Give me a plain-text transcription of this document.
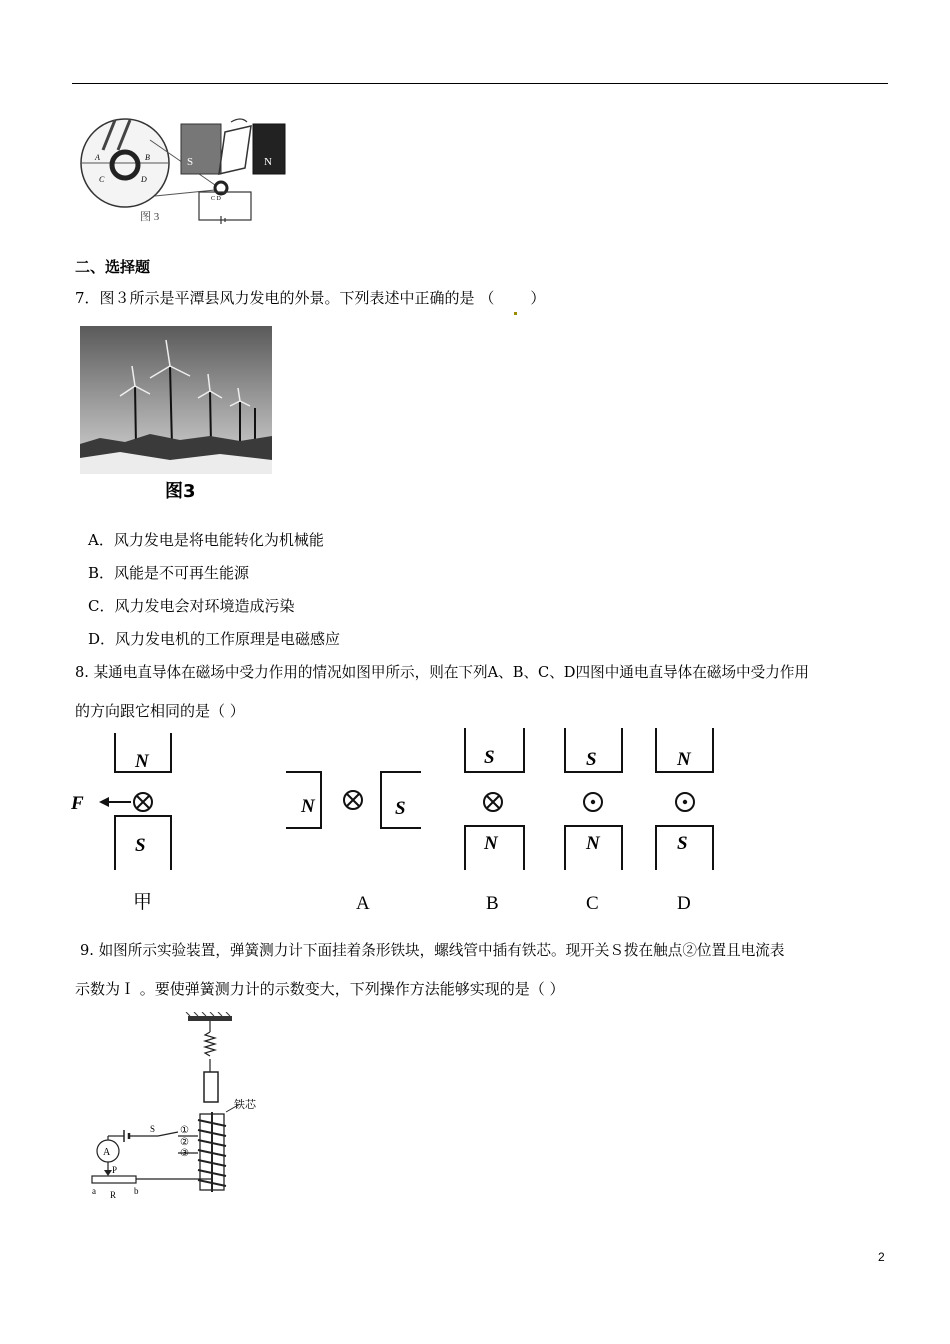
A	B
C	D
S	N
C D
图 3
二、选择题
7．图３所示是平潭县风力发电的外景。下列表述中正确的是 （ ）
图3
A．风力发电是将电能转化为机械能
B．风能是不可再生能源
C．风力发电会对环境造成污染
D．风力发电机的工作原理是电磁感应
8. 某通电直导体在磁场中受力作用的情况如图甲所示，则在下列A、B、C、D四图中通电直导体在磁场中受力作用
的方向跟它相同的是（ ）
N
S
N	S
S
N
S
N
N
S
F
甲	A	B	C	D
9. 如图所示实验装置，弹簧测力计下面挂着条形铁块，螺线管中插有铁芯。现开关Ｓ拨在触点②位置且电流表
示数为Ｉ 。要使弹簧测力计的示数变大，下列操作方法能够实现的是（ ）
铁芯
①
②
③
S
A
P
a R b
2
